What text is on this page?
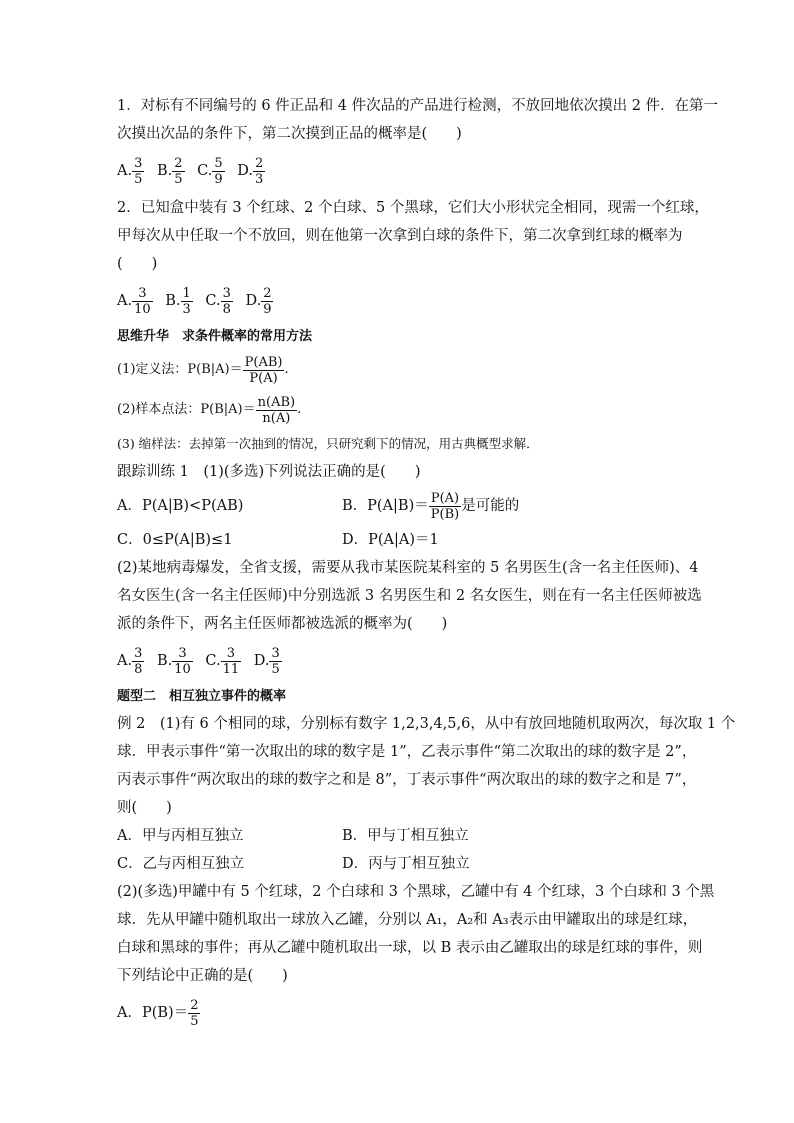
1．对标有不同编号的 6 件正品和 4 件次品的产品进行检测，不放回地依次摸出 2 件．在第一
次摸出次品的条件下，第二次摸到正品的概率是(　　)
A. $\frac{3}{5} B$. $\frac{2}{5} C$. $\frac{5}{9} D$. $\frac{2}{3}$
2．已知盒中装有 3 个红球、2 个白球、5 个黑球，它们大小形状完全相同，现需一个红球，
甲每次从中任取一个不放回，则在他第一次拿到白球的条件下，第二次拿到红球的概率为
(　　)
A. $\frac{3}{10} B$. $\frac{1}{3} C$. $\frac{3}{8} D$. $\frac{2}{9}$
思维升华　求条件概率的常用方法
(1)定义法：$P(B|A)= \frac{P(AB)}{P(A)}$ .
(2)样本点法：$P(B|A)= \frac{n(AB)}{n(A)}$ .
(3) 缩样法：去掉第一次抽到的情况，只研究剩下的情况，用古典概型求解．
跟踪训练 1　(1)(多选)下列说法正确的是(　　)
A．P(A|B)<P(AB)	B．$P(A|B)= \frac{P(A)}{P(B)}$ 是可能的
C．0≤P(A|B)≤1	D．P(A|A)＝1
(2)某地病毒爆发，全省支援，需要从我市某医院某科室的 5 名男医生(含一名主任医师)、4
名女医生(含一名主任医师)中分别选派 3 名男医生和 2 名女医生，则在有一名主任医师被选
派的条件下，两名主任医师都被选派的概率为(　　)
A. $\frac{3}{8} B$. $\frac{3}{10} C$. $\frac{3}{11} D$. $\frac{3}{5}$
题型二　相互独立事件的概率
例 2　(1)有 6 个相同的球，分别标有数字 1,2,3,4,5,6，从中有放回地随机取两次，每次取 1 个
球．甲表示事件“第一次取出的球的数字是 1”，乙表示事件“第二次取出的球的数字是 2”，
丙表示事件“两次取出的球的数字之和是 8”，丁表示事件“两次取出的球的数字之和是 7”，
则(　　)
A．甲与丙相互独立	B．甲与丁相互独立
C．乙与丙相互独立	D．丙与丁相互独立
(2)(多选)甲罐中有 5 个红球，2 个白球和 3 个黑球，乙罐中有 4 个红球，3 个白球和 3 个黑
球．先从甲罐中随机取出一球放入乙罐，分别以 A₁，A₂和 A₃表示由甲罐取出的球是红球，
白球和黑球的事件；再从乙罐中随机取出一球，以 B 表示由乙罐取出的球是红球的事件，则
下列结论中正确的是(　　)
A．$P(B)= \frac{2}{5}$
